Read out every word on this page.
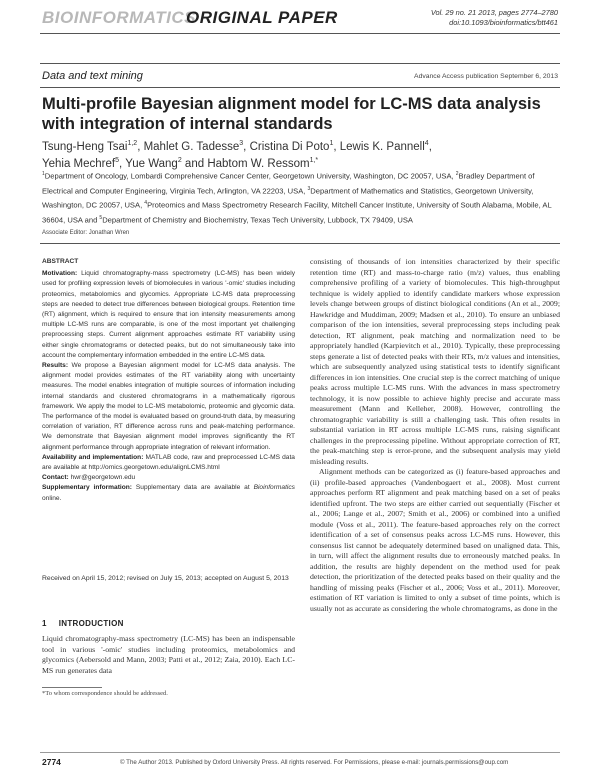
BIOINFORMATICS
ORIGINAL PAPER	Vol. 29 no. 21 2013, pages 2774–2780
doi:10.1093/bioinformatics/btt461
Data and text mining	Advance Access publication September 6, 2013
Multi-profile Bayesian alignment model for LC-MS data analysis with integration of internal standards
Tsung-Heng Tsai$^{1,2}$, Mahlet G. Tadesse$^3$, Cristina Di Poto$^1$, Lewis K. Pannell$^4$,
Yehia Mechref$^5$, Yue Wang$^2$ and Habtom W. Ressom$^{1,*}$
$^1$Department of Oncology, Lombardi Comprehensive Cancer Center, Georgetown University, Washington, DC 20057, USA, $^2$Bradley Department of Electrical and Computer Engineering, Virginia Tech, Arlington, VA 22203, USA, $^3$Department of Mathematics and Statistics, Georgetown University, Washington, DC 20057, USA, $^4$Proteomics and Mass Spectrometry Research Facility, Mitchell Cancer Institute, University of South Alabama, Mobile, AL 36604, USA and $^5$Department of Chemistry and Biochemistry, Texas Tech University, Lubbock, TX 79409, USA
Associate Editor: Jonathan Wren

ABSTRACT

Motivation: Liquid chromatography-mass spectrometry (LC-MS) has been widely used for profiling expression levels of biomolecules in various '-omic' studies including proteomics, metabolomics and glycomics. Appropriate LC-MS data preprocessing steps are needed to detect true differences between biological groups. Retention time (RT) alignment, which is required to ensure that ion intensity measurements among multiple LC-MS runs are comparable, is one of the most important yet challenging preprocessing steps. Current alignment approaches estimate RT variability using either single chromatograms or detected peaks, but do not simultaneously take into account the complementary information embedded in the entire LC-MS data.

Results: We propose a Bayesian alignment model for LC-MS data analysis. The alignment model provides estimates of the RT variability along with uncertainty measures. The model enables integration of multiple sources of information including internal standards and clustered chromatograms in a mathematically rigorous framework. We apply the model to LC-MS metabolomic, proteomic and glycomic data. The performance of the model is evaluated based on ground-truth data, by measuring correlation of variation, RT difference across runs and peak-matching performance. We demonstrate that Bayesian alignment model improves significantly the RT alignment performance through appropriate integration of relevant information.

Availability and implementation: MATLAB code, raw and preprocessed LC-MS data are available at http://omics.georgetown.edu/alignLCMS.html

Contact: hwr@georgetown.edu

Supplementary information: Supplementary data are available at Bioinformatics online.

Received on April 15, 2012; revised on July 15, 2013; accepted on August 5, 2013

1 INTRODUCTION

Liquid chromatography-mass spectrometry (LC-MS) has been an indispensable tool in various '-omic' studies including proteomics, metabolomics and glycomics (Aebersold and Mann, 2003; Patti et al., 2012; Zaia, 2010). Each LC-MS run generates data

*To whom correspondence should be addressed.

consisting of thousands of ion intensities characterized by their specific retention time (RT) and mass-to-charge ratio (m/z) values, thus enabling comprehensive profiling of a variety of biomolecules. This high-throughput technique is widely applied to identify candidate markers whose expression levels change between groups of distinct biological conditions (An et al., 2009; Hawkridge and Muddiman, 2009; Madsen et al., 2010). To ensure an unbiased comparison of the ion intensities, several preprocessing steps including peak detection, RT alignment, peak matching and normalization need to be appropriately handled (Karpievitch et al., 2010). Typically, these preprocessing steps generate a list of detected peaks with their RTs, m/z values and intensities, which are subsequently analyzed using statistical tests to identify significant differences in ion intensities. One crucial step is the correct matching of unique peaks across multiple LC-MS runs. With the advances in mass spectrometry technology, it is now possible to achieve highly precise and accurate mass measurement (Mann and Kelleher, 2008). However, controlling the chromatographic variability is still a challenging task. This often results in substantial variation in RT across multiple LC-MS runs, raising significant challenges in the preprocessing pipeline. Without appropriate correction of RT, the peak-matching step is error-prone, and the subsequent analysis may yield misleading results.

Alignment methods can be categorized as (i) feature-based approaches and (ii) profile-based approaches (Vandenbogaert et al., 2008). Most current approaches perform RT alignment and peak matching based on a set of peaks identified upfront. The two steps are either carried out sequentially (Fischer et al., 2006; Lange et al., 2007; Smith et al., 2006) or combined into a unified module (Voss et al., 2011). The feature-based approaches rely on the correct identification of a set of consensus peaks across LC-MS runs. However, this consensus list cannot be adequately determined based on unaligned data. This, in turn, will affect the alignment results due to erroneously matched peaks. In addition, the results are highly dependent on the method used for peak detection, the prioritization of the detected peaks based on their quality and the handling of missing peaks (Fischer et al., 2006; Voss et al., 2011). Moreover, estimation of RT variation is limited to only a subset of time points, which is usually not as accurate as considering the whole chromatograms, as done in the

2774	© The Author 2013. Published by Oxford University Press. All rights reserved. For Permissions, please e-mail: journals.permissions@oup.com
